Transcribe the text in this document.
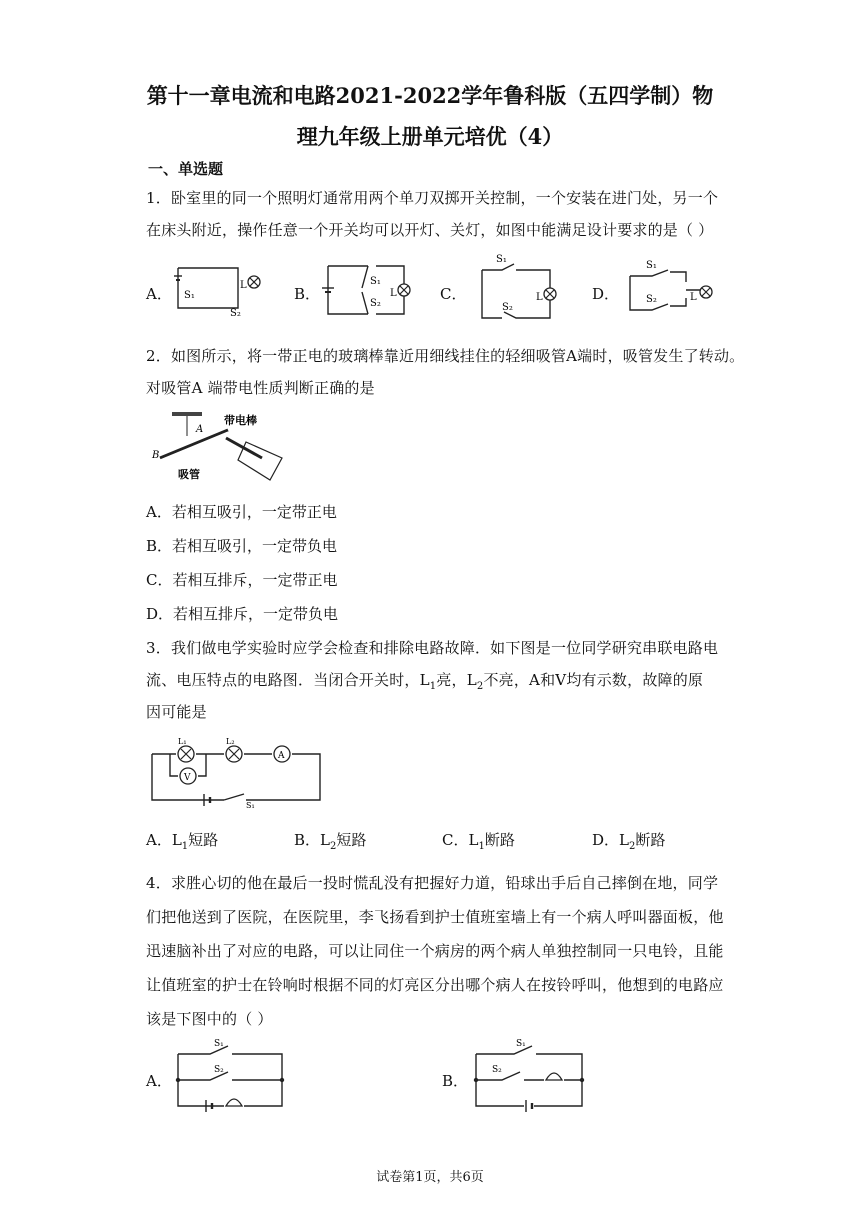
第十一章电流和电路2021-2022学年鲁科版（五四学制）物
理九年级上册单元培优（4）
一、单选题
1．卧室里的同一个照明灯通常用两个单刀双掷开关控制，一个安装在进门处，另一个
在床头附近，操作任意一个开关均可以开灯、关灯，如图中能满足设计要求的是（ ）
A． S₁
S₂
L	B．
S₁
S₂
L	C．
S₁
S₂
L	D．
S₁
S₂	L
2．如图所示，将一带正电的玻璃棒靠近用细线挂住的轻细吸管A端时，吸管发生了转动。
对吸管A 端带电性质判断正确的是
A
B
带电棒
吸管
A．若相互吸引，一定带正电
B．若相互吸引，一定带负电
C．若相互排斥，一定带正电
D．若相互排斥，一定带负电
3．我们做电学实验时应学会检查和排除电路故障．如下图是一位同学研究串联电路电
流、电压特点的电路图．当闭合开关时，$L_1$亮，$L_2$不亮，A和V均有示数，故障的原
因可能是
A
V
L₁	L₂
S₁
A．$L_1$短路	B．$L_2$短路	C．$L_1$断路	D．$L_2$断路
4．求胜心切的他在最后一投时慌乱没有把握好力道，铅球出手后自己摔倒在地，同学
们把他送到了医院，在医院里，李飞扬看到护士值班室墙上有一个病人呼叫器面板，他
迅速脑补出了对应的电路，可以让同住一个病房的两个病人单独控制同一只电铃，且能
让值班室的护士在铃响时根据不同的灯亮区分出哪个病人在按铃呼叫，他想到的电路应
该是下图中的（ ）
A．
S₁
S₂
B．
S₁
S₂
试卷第1页，共6页
